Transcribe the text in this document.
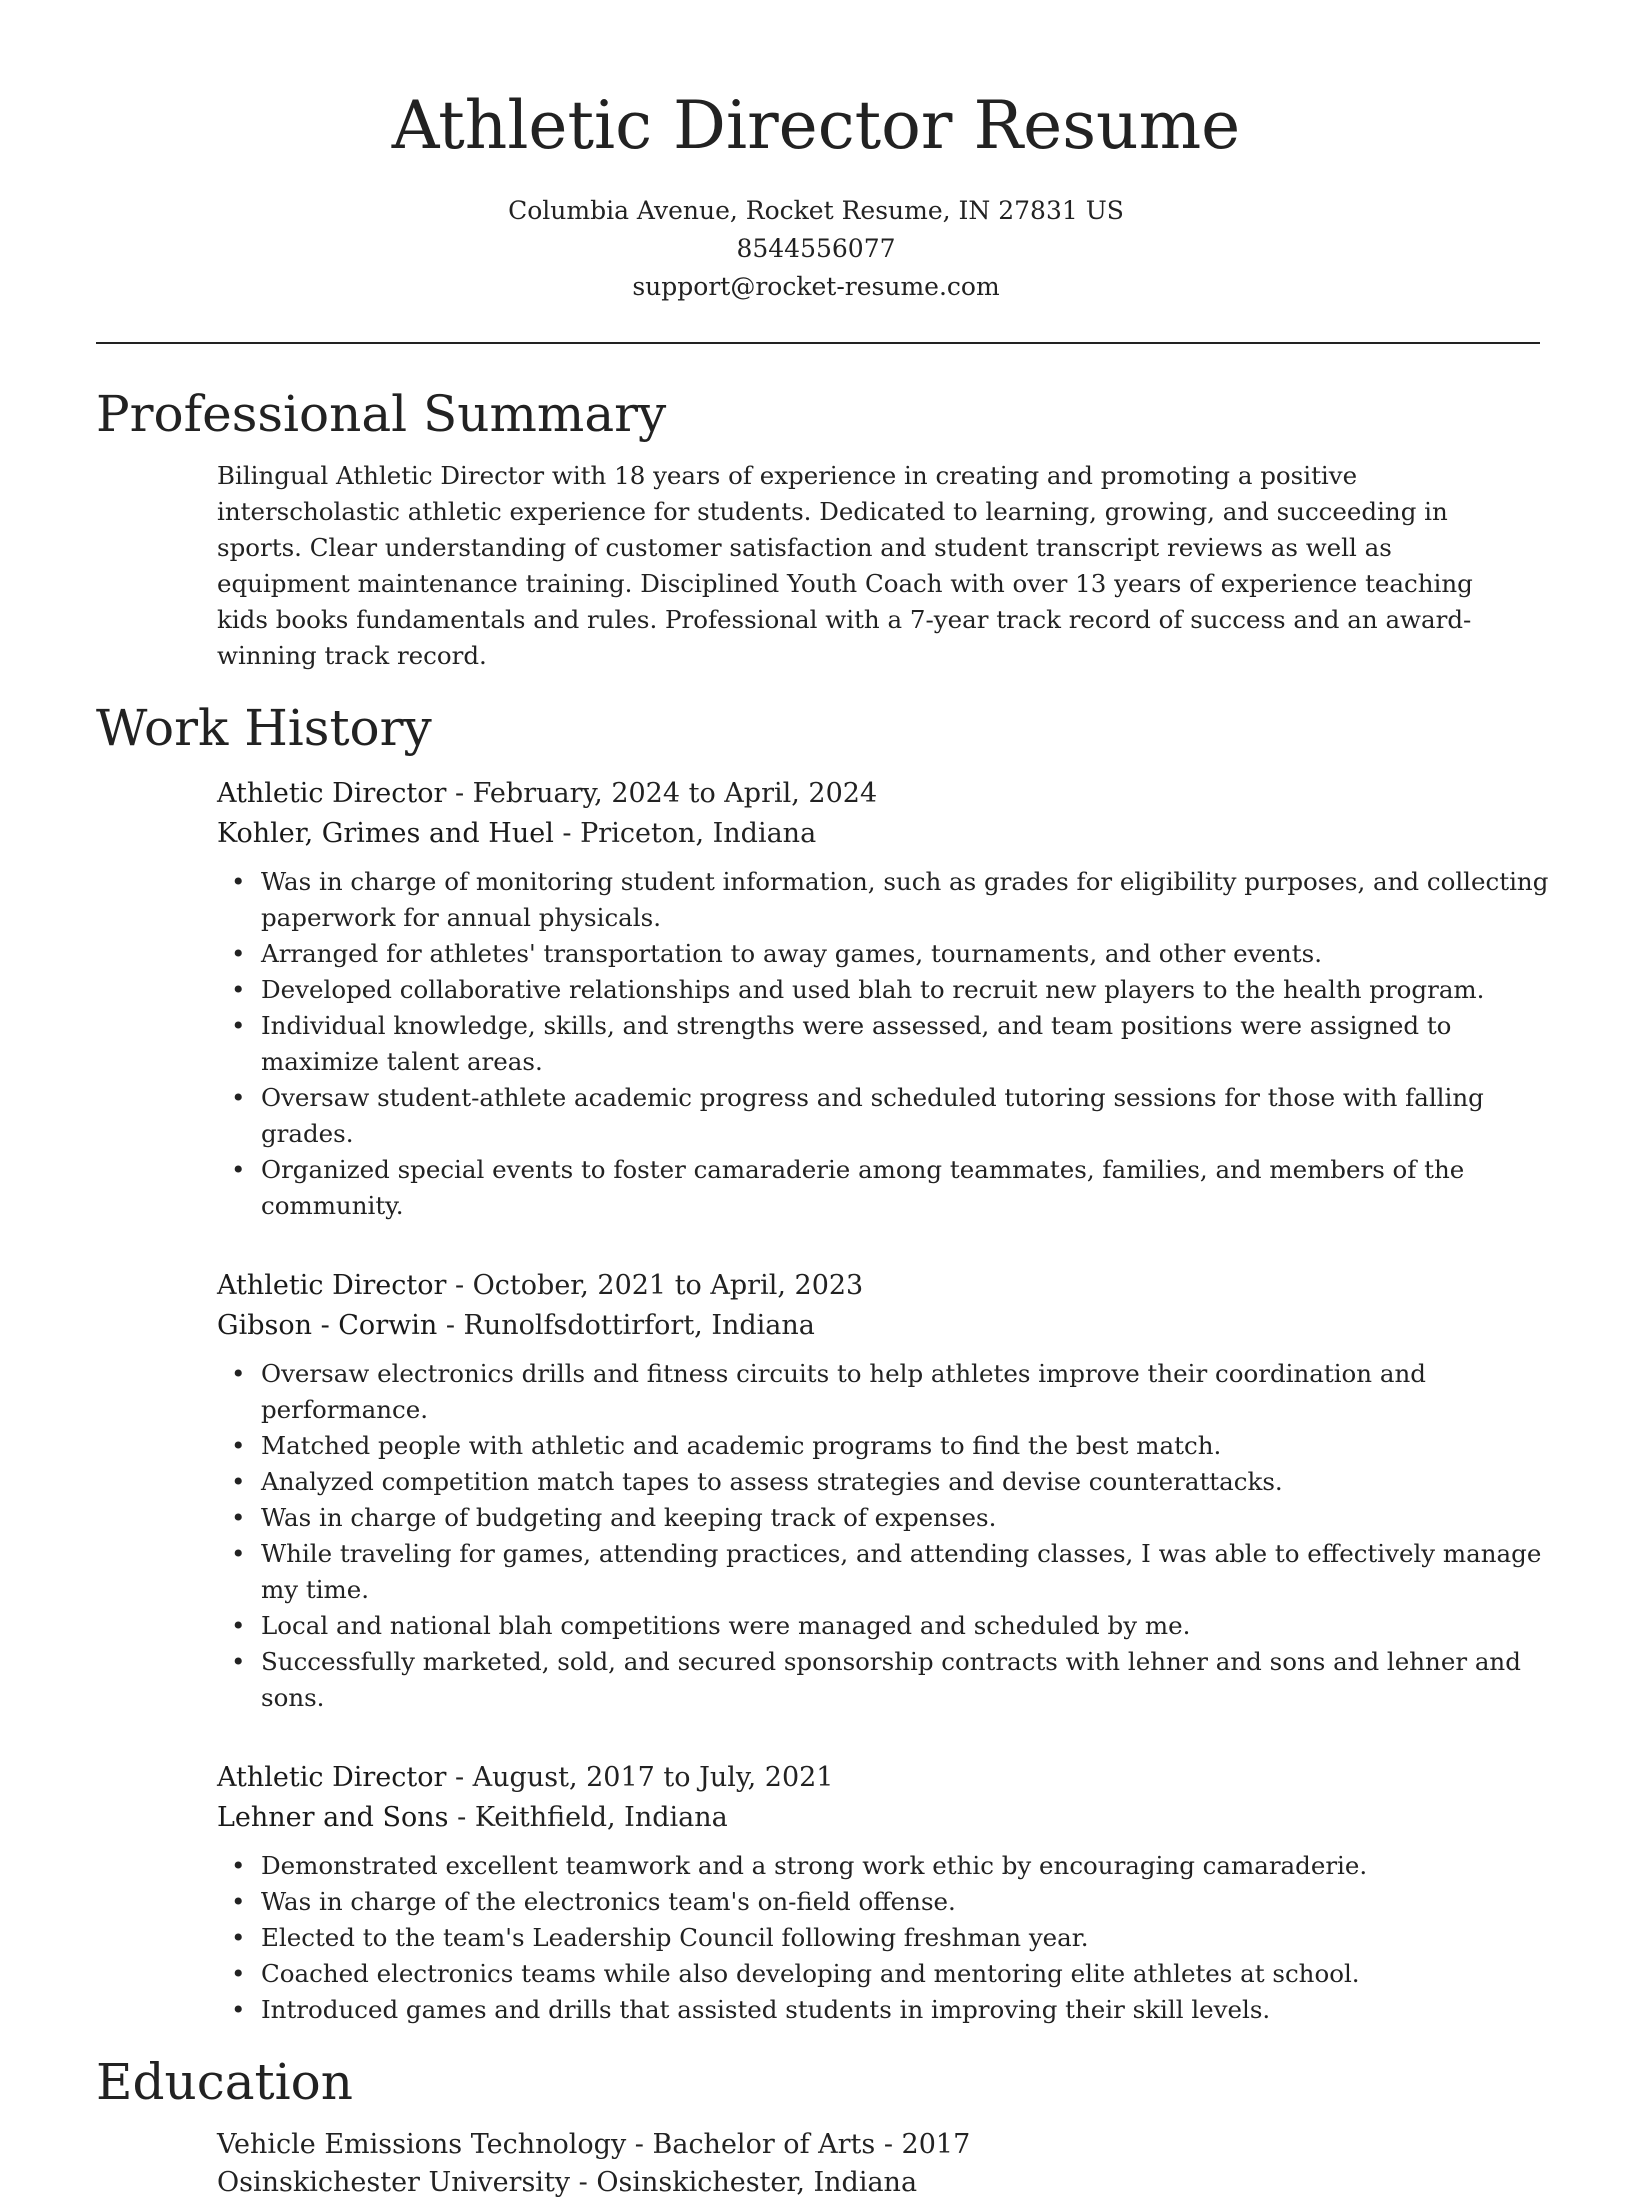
Athletic Director Resume
Columbia Avenue, Rocket Resume, IN 27831 US
8544556077
support@rocket-resume.com
Professional Summary

Bilingual Athletic Director with 18 years of experience in creating and promoting a positive interscholastic athletic experience for students. Dedicated to learning, growing, and succeeding in sports. Clear understanding of customer satisfaction and student transcript reviews as well as equipment maintenance training. Disciplined Youth Coach with over 13 years of experience teaching kids books fundamentals and rules. Professional with a 7-year track record of success and an award-winning track record.

Work History
Athletic Director - February, 2024 to April, 2024
Kohler, Grimes and Huel - Priceton, Indiana
• Was in charge of monitoring student information, such as grades for eligibility purposes, and collecting paperwork for annual physicals.
• Arranged for athletes' transportation to away games, tournaments, and other events.
• Developed collaborative relationships and used blah to recruit new players to the health program.
• Individual knowledge, skills, and strengths were assessed, and team positions were assigned to maximize talent areas.
• Oversaw student-athlete academic progress and scheduled tutoring sessions for those with falling grades.
• Organized special events to foster camaraderie among teammates, families, and members of the community.
Athletic Director - October, 2021 to April, 2023
Gibson - Corwin - Runolfsdottirfort, Indiana
• Oversaw electronics drills and fitness circuits to help athletes improve their coordination and performance.
• Matched people with athletic and academic programs to find the best match.
• Analyzed competition match tapes to assess strategies and devise counterattacks.
• Was in charge of budgeting and keeping track of expenses.
• While traveling for games, attending practices, and attending classes, I was able to effectively manage my time.
• Local and national blah competitions were managed and scheduled by me.
• Successfully marketed, sold, and secured sponsorship contracts with lehner and sons and lehner and sons.
Athletic Director - August, 2017 to July, 2021
Lehner and Sons - Keithfield, Indiana
• Demonstrated excellent teamwork and a strong work ethic by encouraging camaraderie.
• Was in charge of the electronics team's on-field offense.
• Elected to the team's Leadership Council following freshman year.
• Coached electronics teams while also developing and mentoring elite athletes at school.
• Introduced games and drills that assisted students in improving their skill levels.
Education
Vehicle Emissions Technology - Bachelor of Arts - 2017
Osinskichester University - Osinskichester, Indiana
